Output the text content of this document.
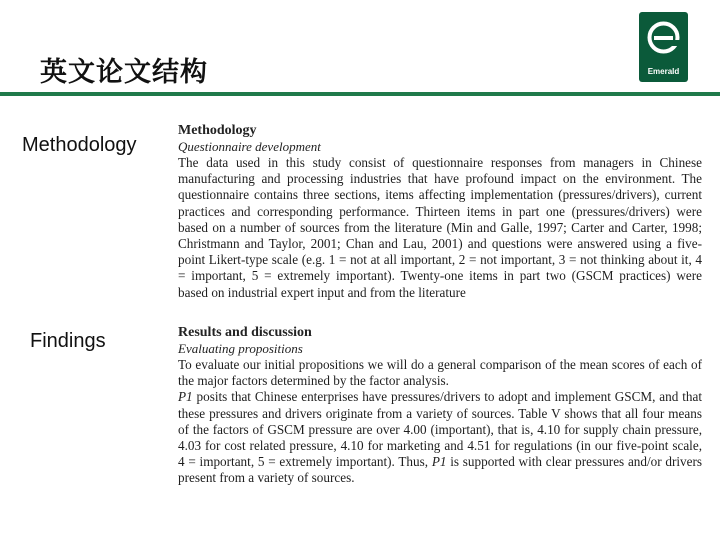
英文论文结构	Emerald
Methodology
Findings

Methodology

Questionnaire development

The data used in this study consist of questionnaire responses from managers in Chinese manufacturing and processing industries that have profound impact on the environment. The questionnaire contains three sections, items affecting implementation (pressures/drivers), current practices and corresponding performance. Thirteen items in part one (pressures/drivers) were based on a number of sources from the literature (Min and Galle, 1997; Carter and Carter, 1998; Christmann and Taylor, 2001; Chan and Lau, 2001) and questions were answered using a five-point Likert-type scale (e.g. 1 = not at all important, 2 = not important, 3 = not thinking about it, 4 = important, 5 = extremely important). Twenty-one items in part two (GSCM practices) were based on industrial expert input and from the literature

Results and discussion

Evaluating propositions

To evaluate our initial propositions we will do a general comparison of the mean scores of each of the major factors determined by the factor analysis.

P1 posits that Chinese enterprises have pressures/drivers to adopt and implement GSCM, and that these pressures and drivers originate from a variety of sources. Table V shows that all four means of the factors of GSCM pressure are over 4.00 (important), that is, 4.10 for supply chain pressure, 4.03 for cost related pressure, 4.10 for marketing and 4.51 for regulations (in our five-point scale, 4 = important, 5 = extremely important). Thus, P1 is supported with clear pressures and/or drivers present from a variety of sources.
